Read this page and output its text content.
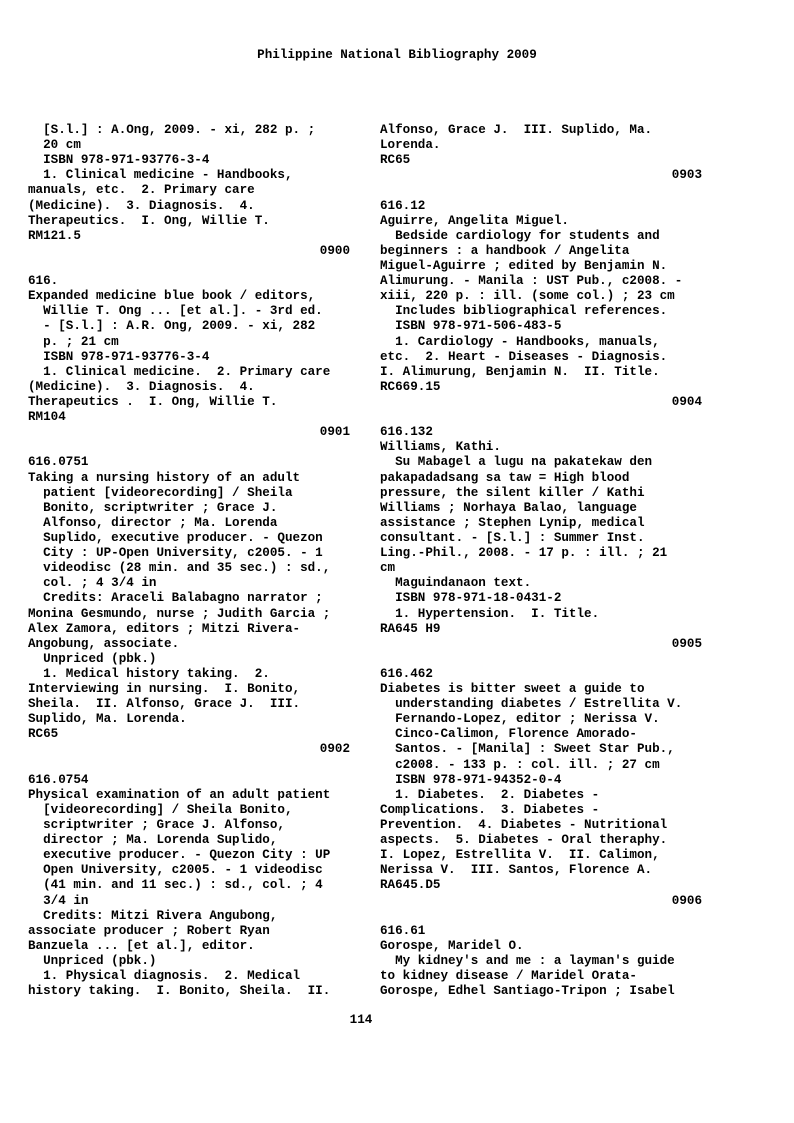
Philippine National Bibliography 2009
[S.l.] : A.Ong, 2009. - xi, 282 p. ;
20 cm
ISBN 978-971-93776-3-4
1. Clinical medicine - Handbooks,
manuals, etc.  2. Primary care
(Medicine).  3. Diagnosis.  4.
Therapeutics.  I. Ong, Willie T.
RM121.5
0900
616.
Expanded medicine blue book / editors,
Willie T. Ong ... [et al.]. - 3rd ed.
- [S.l.] : A.R. Ong, 2009. - xi, 282
p. ; 21 cm
ISBN 978-971-93776-3-4
1. Clinical medicine.  2. Primary care
(Medicine).  3. Diagnosis.  4.
Therapeutics .  I. Ong, Willie T.
RM104
0901
616.0751
Taking a nursing history of an adult
patient [videorecording] / Sheila
Bonito, scriptwriter ; Grace J.
Alfonso, director ; Ma. Lorenda
Suplido, executive producer. - Quezon
City : UP-Open University, c2005. - 1
videodisc (28 min. and 35 sec.) : sd.,
col. ; 4 3/4 in
Credits: Araceli Balabagno narrator ;
Monina Gesmundo, nurse ; Judith Garcia ;
Alex Zamora, editors ; Mitzi Rivera-
Angobung, associate.
Unpriced (pbk.)
1. Medical history taking.  2.
Interviewing in nursing.  I. Bonito,
Sheila.  II. Alfonso, Grace J.  III.
Suplido, Ma. Lorenda.
RC65
0902
616.0754
Physical examination of an adult patient
[videorecording] / Sheila Bonito,
scriptwriter ; Grace J. Alfonso,
director ; Ma. Lorenda Suplido,
executive producer. - Quezon City : UP
Open University, c2005. - 1 videodisc
(41 min. and 11 sec.) : sd., col. ; 4
3/4 in
Credits: Mitzi Rivera Angubong,
associate producer ; Robert Ryan
Banzuela ... [et al.], editor.
Unpriced (pbk.)
1. Physical diagnosis.  2. Medical
history taking.  I. Bonito, Sheila.  II.
Alfonso, Grace J.  III. Suplido, Ma.
Lorenda.
RC65
0903
616.12
Aguirre, Angelita Miguel.
Bedside cardiology for students and
beginners : a handbook / Angelita
Miguel-Aguirre ; edited by Benjamin N.
Alimurung. - Manila : UST Pub., c2008. -
xiii, 220 p. : ill. (some col.) ; 23 cm
Includes bibliographical references.
ISBN 978-971-506-483-5
1. Cardiology - Handbooks, manuals,
etc.  2. Heart - Diseases - Diagnosis.
I. Alimurung, Benjamin N.  II. Title.
RC669.15
0904
616.132
Williams, Kathi.
Su Mabagel a lugu na pakatekaw den
pakapadadsang sa taw = High blood
pressure, the silent killer / Kathi
Williams ; Norhaya Balao, language
assistance ; Stephen Lynip, medical
consultant. - [S.l.] : Summer Inst.
Ling.-Phil., 2008. - 17 p. : ill. ; 21
cm
Maguindanaon text.
ISBN 978-971-18-0431-2
1. Hypertension.  I. Title.
RA645 H9
0905
616.462
Diabetes is bitter sweet a guide to
understanding diabetes / Estrellita V.
Fernando-Lopez, editor ; Nerissa V.
Cinco-Calimon, Florence Amorado-
Santos. - [Manila] : Sweet Star Pub.,
c2008. - 133 p. : col. ill. ; 27 cm
ISBN 978-971-94352-0-4
1. Diabetes.  2. Diabetes -
Complications.  3. Diabetes -
Prevention.  4. Diabetes - Nutritional
aspects.  5. Diabetes - Oral theraphy.
I. Lopez, Estrellita V.  II. Calimon,
Nerissa V.  III. Santos, Florence A.
RA645.D5
0906
616.61
Gorospe, Maridel O.
My kidney's and me : a layman's guide
to kidney disease / Maridel Orata-
Gorospe, Edhel Santiago-Tripon ; Isabel
114
